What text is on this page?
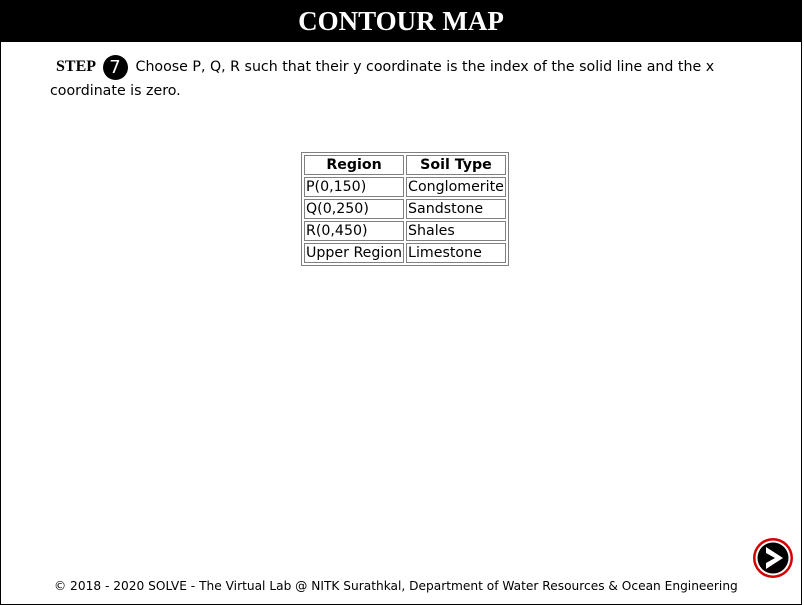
CONTOUR MAP
STEP 7 Choose P, Q, R such that their y coordinate is the index of the solid line and the x coordinate is zero.
Region	Soil Type
P(0,150)	Conglomerite
Q(0,250)	Sandstone
R(0,450)	Shales
Upper Region	Limestone
© 2018 - 2020 SOLVE - The Virtual Lab @ NITK Surathkal, Department of Water Resources & Ocean Engineering
